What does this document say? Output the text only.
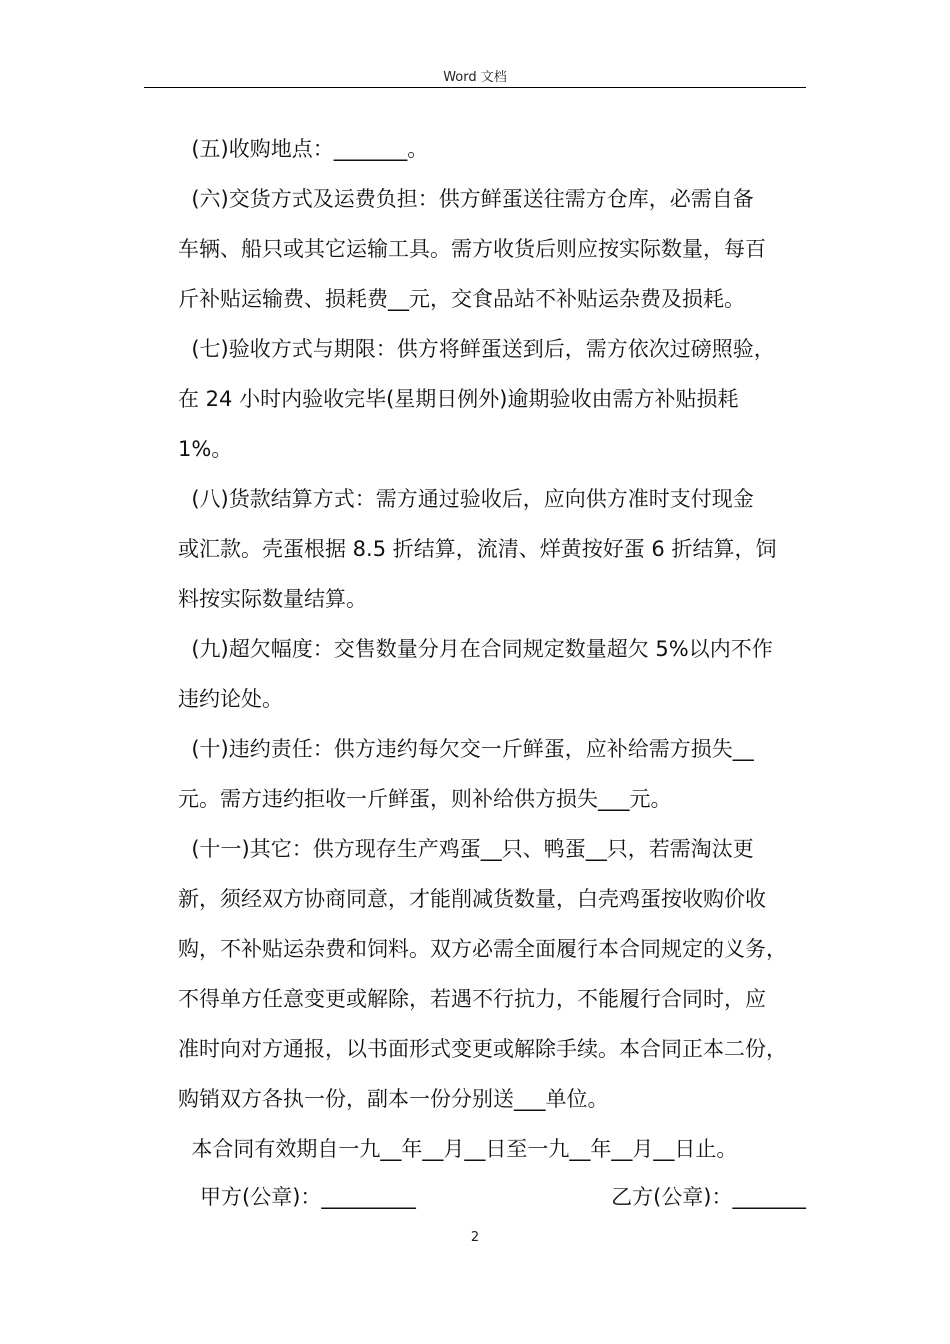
Word 文档
(五)收购地点：_______。
(六)交货方式及运费负担：供方鲜蛋送往需方仓库，必需自备
车辆、船只或其它运输工具。需方收货后则应按实际数量，每百
斤补贴运输费、损耗费__元，交食品站不补贴运杂费及损耗。
(七)验收方式与期限：供方将鲜蛋送到后，需方依次过磅照验，
在 24 小时内验收完毕(星期日例外)逾期验收由需方补贴损耗
1%。
(八)货款结算方式：需方通过验收后，应向供方准时支付现金
或汇款。壳蛋根据 8.5 折结算，流清、烊黄按好蛋 6 折结算，饲
料按实际数量结算。
(九)超欠幅度：交售数量分月在合同规定数量超欠 5%以内不作
违约论处。
(十)违约责任：供方违约每欠交一斤鲜蛋，应补给需方损失__
元。需方违约拒收一斤鲜蛋，则补给供方损失___元。
(十一)其它：供方现存生产鸡蛋__只、鸭蛋__只，若需淘汰更
新，须经双方协商同意，才能削减货数量，白壳鸡蛋按收购价收
购，不补贴运杂费和饲料。双方必需全面履行本合同规定的义务，
不得单方任意变更或解除，若遇不行抗力，不能履行合同时，应
准时向对方通报，以书面形式变更或解除手续。本合同正本二份，
购销双方各执一份，副本一份分别送___单位。
本合同有效期自一九__年__月__日至一九__年__月__日止。
甲方(公章)：_________	乙方(公章)：_______
2
